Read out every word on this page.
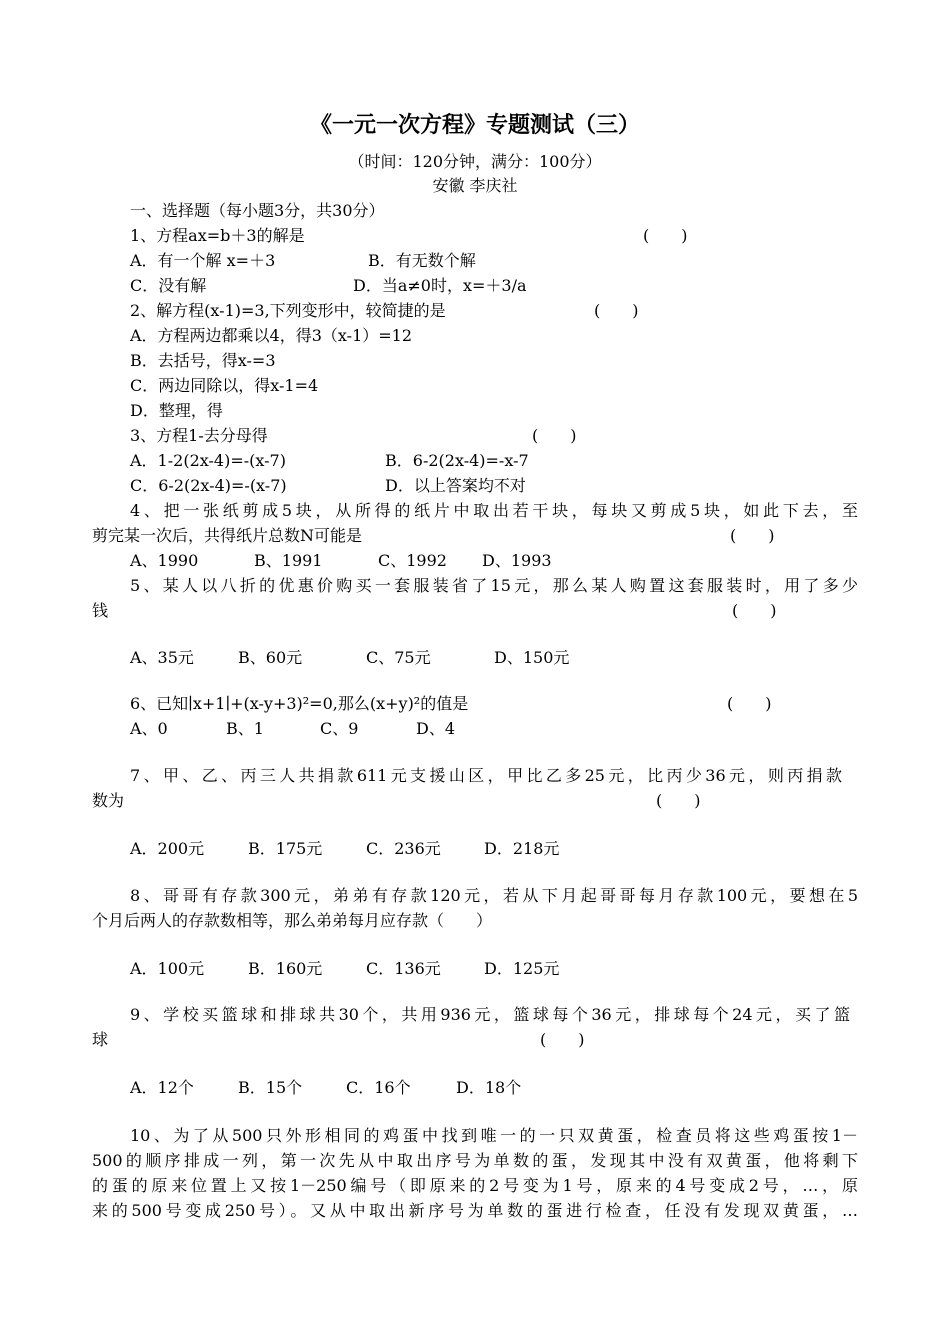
《一元一次方程》专题测试（三）
（时间：120分钟，满分：100分）
安徽 李庆社
一、选择题（每小题3分，共30分）
1、方程ax=b＋3的解是	(　　)
A．有一个解 x=＋3	B．有无数个解
C．没有解	D．当a≠0时，x=＋3/a
2、解方程(x-1)=3,下列变形中，较简捷的是	(　　)
A．方程两边都乘以4，得3（x-1）=12
B．去括号，得x-=3
C．两边同除以，得x-1=4
D．整理，得
3、方程1-去分母得	(　　)
A．1-2(2x-4)=-(x-7)	B．6-2(2x-4)=-x-7
C．6-2(2x-4)=-(x-7)	D．以上答案均不对
4、把一张纸剪成5块，从所得的纸片中取出若干块，每块又剪成5块，如此下去，至
剪完某一次后，共得纸片总数N可能是	(　　)
A、1990	B、1991	C、1992 D、1993
5、某人以八折的优惠价购买一套服装省了15元，那么某人购置这套服装时，用了多少
钱	(　　)
A、35元	B、60元	C、75元	D、150元
6、已知∣x+1∣+(x-y+3)²=0,那么(x+y)²的值是	(　　)
A、0	B、1	C、9	D、4
7、甲、乙、丙三人共捐款611元支援山区，甲比乙多25元，比丙少36元，则丙捐款
数为	(　　)
A．200元	B．175元	C．236元	D．218元
8、哥哥有存款300元，弟弟有存款120元，若从下月起哥哥每月存款100元，要想在5
个月后两人的存款数相等，那么弟弟每月应存款（　　）
A．100元	B．160元	C．136元	D．125元
9、学校买篮球和排球共30个，共用936元，篮球每个36元，排球每个24元，买了篮
球	(　　)
A．12个	B．15个	C．16个	D．18个
10、为了从500只外形相同的鸡蛋中找到唯一的一只双黄蛋，检查员将这些鸡蛋按1－
500的顺序排成一列，第一次先从中取出序号为单数的蛋，发现其中没有双黄蛋，他将剩下
的蛋的原来位置上又按1－250编号（即原来的2号变为1号，原来的4号变成2号，…，原
来的500号变成250号）。又从中取出新序号为单数的蛋进行检查，任没有发现双黄蛋，…
